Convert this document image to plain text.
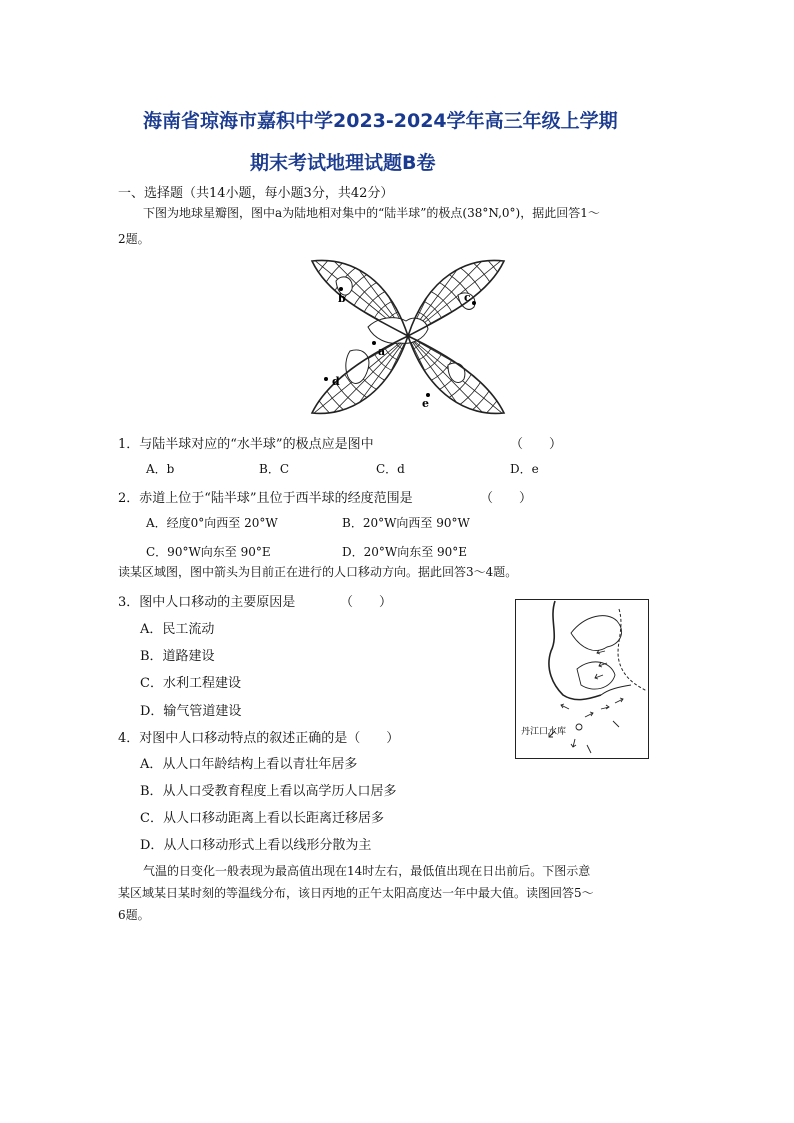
海南省琼海市嘉积中学2023-2024学年高三年级上学期
期末考试地理试题B卷
一、选择题（共14小题，每小题3分，共42分）
下图为地球星瓣图，图中a为陆地相对集中的“陆半球”的极点(38°N,0°)，据此回答1～
2题。
a
b	c
d
e
1．与陆半球对应的“水半球”的极点应是图中	（　　）
A．b	B．C	C．d	D．e
2．赤道上位于“陆半球”且位于西半球的经度范围是	（　　）
A．经度0°向西至 20°W	B．20°W向西至 90°W
C．90°W向东至 90°E	D．20°W向东至 90°E
读某区域图，图中箭头为目前正在进行的人口移动方向。据此回答3～4题。
3．图中人口移动的主要原因是	（　　）
A．民工流动
B．道路建设
C．水利工程建设
D．输气管道建设
4．对图中人口移动特点的叙述正确的是（　　）
A．从人口年龄结构上看以青壮年居多
B．从人口受教育程度上看以高学历人口居多
C．从人口移动距离上看以长距离迁移居多
D．从人口移动形式上看以线形分散为主
丹江口水库
气温的日变化一般表现为最高值出现在14时左右，最低值出现在日出前后。下图示意
某区域某日某时刻的等温线分布，该日丙地的正午太阳高度达一年中最大值。读图回答5～
6题。
